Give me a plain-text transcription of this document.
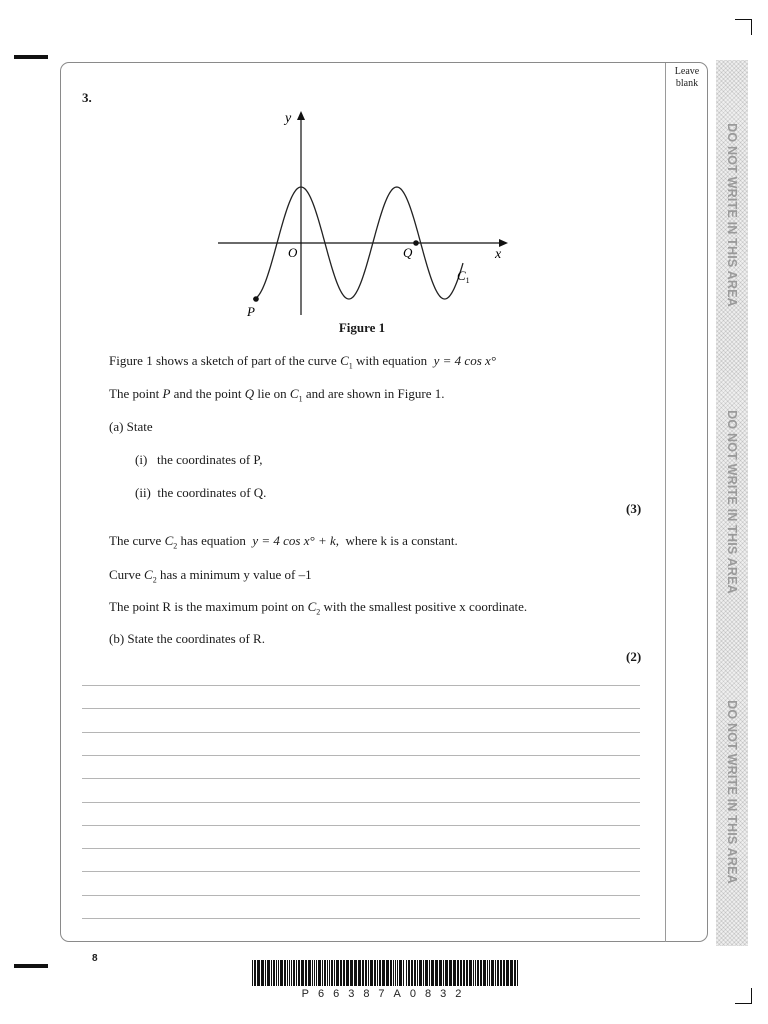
DO NOT WRITE IN THIS AREA
DO NOT WRITE IN THIS AREA
DO NOT WRITE IN THIS AREA
Leave
blank
3.
y
x
O
P
Q
$C_1$
Figure 1
Figure 1 shows a sketch of part of the curve $C_1$ with equation y = 4 cos x°
The point P and the point Q lie on $C_1$ and are shown in Figure 1.
(a) State
(i) the coordinates of P,
(ii) the coordinates of Q.
(3)
The curve $C_2$ has equation y = 4 cos x° + k, where k is a constant.
Curve $C_2$ has a minimum y value of –1
The point R is the maximum point on $C_2$ with the smallest positive x coordinate.
(b) State the coordinates of R.
(2)
8
P66387A0832
